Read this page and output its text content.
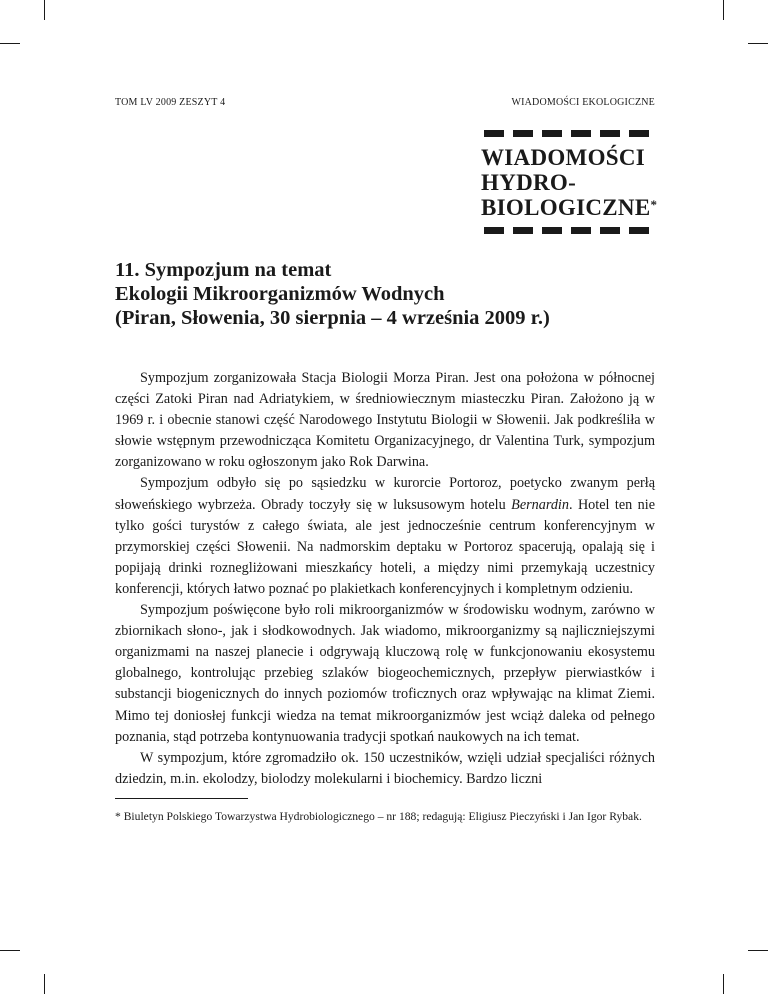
TOM LV 2009 ZESZYT 4	WIADOMOŚCI EKOLOGICZNE
WIADOMOŚCI
HYDRO-
BIOLOGICZNE*
11. Sympozjum na temat
Ekologii Mikroorganizmów Wodnych
(Piran, Słowenia, 30 sierpnia – 4 września 2009 r.)

Sympozjum zorganizowała Stacja Biologii Morza Piran. Jest ona położona w północnej części Zatoki Piran nad Adriatykiem, w średniowiecznym miasteczku Piran. Założono ją w 1969 r. i obecnie stanowi część Narodowego Instytutu Biologii w Słowenii. Jak podkreśliła w słowie wstępnym przewodnicząca Komitetu Organizacyjnego, dr Valentina Turk, sympozjum zorganizowano w roku ogłoszonym jako Rok Darwina.

Sympozjum odbyło się po sąsiedzku w kurorcie Portoroz, poetycko zwanym perłą słoweńskiego wybrzeża. Obrady toczyły się w luksusowym hotelu Bernardin. Hotel ten nie tylko gości turystów z całego świata, ale jest jednocześnie centrum konferencyjnym w przymorskiej części Słowenii. Na nadmorskim deptaku w Portoroz spacerują, opalają się i popijają drinki roznegliżowani mieszkańcy hoteli, a między nimi przemykają uczestnicy konferencji, których łatwo poznać po plakietkach konferencyjnych i kompletnym odzieniu.

Sympozjum poświęcone było roli mikroorganizmów w środowisku wodnym, zarówno w zbiornikach słono-, jak i słodkowodnych. Jak wiadomo, mikroorganizmy są najliczniejszymi organizmami na naszej planecie i odgrywają kluczową rolę w funkcjonowaniu ekosystemu globalnego, kontrolując przebieg szlaków biogeochemicznych, przepływ pierwiastków i substancji biogenicznych do innych poziomów troficznych oraz wpływając na klimat Ziemi. Mimo tej doniosłej funkcji wiedza na temat mikroorganizmów jest wciąż daleka od pełnego poznania, stąd potrzeba kontynuowania tradycji spotkań naukowych na ich temat.

W sympozjum, które zgromadziło ok. 150 uczestników, wzięli udział specjaliści różnych dziedzin, m.in. ekolodzy, biolodzy molekularni i biochemicy. Bardzo liczni

* Biuletyn Polskiego Towarzystwa Hydrobiologicznego – nr 188; redagują: Eligiusz Pieczyński i Jan Igor Rybak.
